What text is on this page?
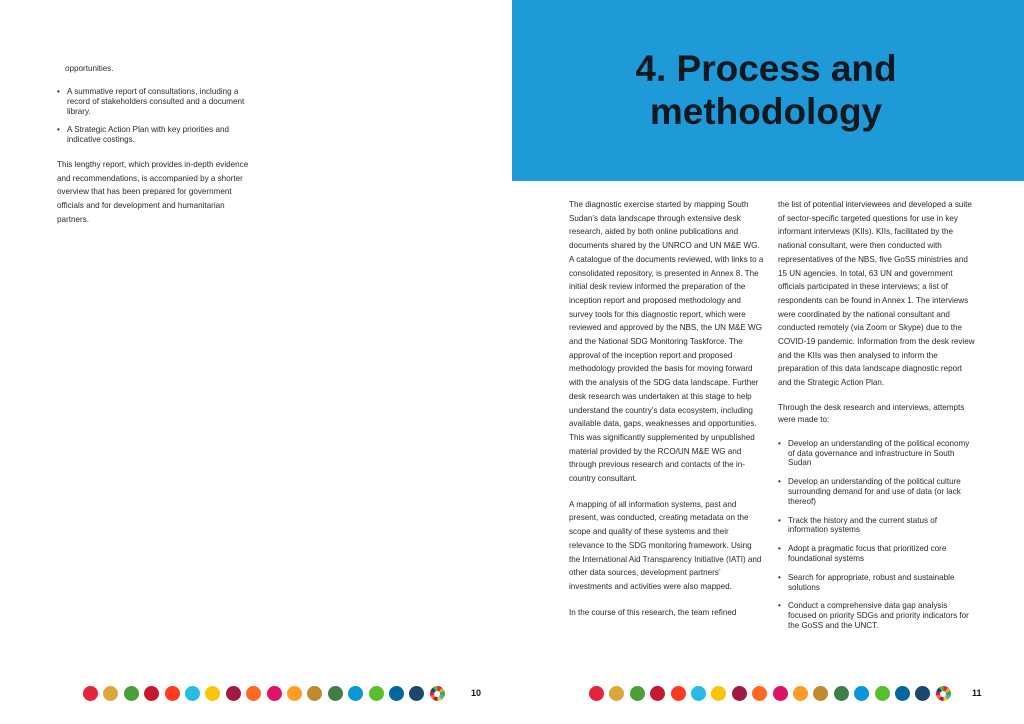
opportunities.

• A summative report of consultations, including a record of stakeholders consulted and a document library.
• A Strategic Action Plan with key priorities and indicative costings.

This lengthy report, which provides in-depth evidence and recommendations, is accompanied by a shorter overview that has been prepared for government officials and for development and humanitarian partners.

10
4. Process and methodology

The diagnostic exercise started by mapping South Sudan’s data landscape through extensive desk research, aided by both online publications and documents shared by the UNRCO and UN M&E WG. A catalogue of the documents reviewed, with links to a consolidated repository, is presented in Annex 8. The initial desk review informed the preparation of the inception report and proposed methodology and survey tools for this diagnostic report, which were reviewed and approved by the NBS, the UN M&E WG and the National SDG Monitoring Taskforce. The approval of the inception report and proposed methodology provided the basis for moving forward with the analysis of the SDG data landscape. Further desk research was undertaken at this stage to help understand the country’s data ecosystem, including available data, gaps, weaknesses and opportunities. This was significantly supplemented by unpublished material provided by the RCO/UN M&E WG and through previous research and contacts of the in-country consultant.

A mapping of all information systems, past and present, was conducted, creating metadata on the scope and quality of these systems and their relevance to the SDG monitoring framework. Using the International Aid Transparency Initiative (IATI) and other data sources, development partners’ investments and activities were also mapped.

In the course of this research, the team refined

the list of potential interviewees and developed a suite of sector-specific targeted questions for use in key informant interviews (KIIs). KIIs, facilitated by the national consultant, were then conducted with representatives of the NBS, five GoSS ministries and 15 UN agencies. In total, 63 UN and government officials participated in these interviews; a list of respondents can be found in Annex 1. The interviews were coordinated by the national consultant and conducted remotely (via Zoom or Skype) due to the COVID-19 pandemic. Information from the desk review and the KIIs was then analysed to inform the preparation of this data landscape diagnostic report and the Strategic Action Plan.

Through the desk research and interviews, attempts were made to:

• Develop an understanding of the political economy of data governance and infrastructure in South Sudan
• Develop an understanding of the political culture surrounding demand for and use of data (or lack thereof)
• Track the history and the current status of information systems
• Adopt a pragmatic focus that prioritized core foundational systems
• Search for appropriate, robust and sustainable solutions
• Conduct a comprehensive data gap analysis focused on priority SDGs and priority indicators for the GoSS and the UNCT.
11
